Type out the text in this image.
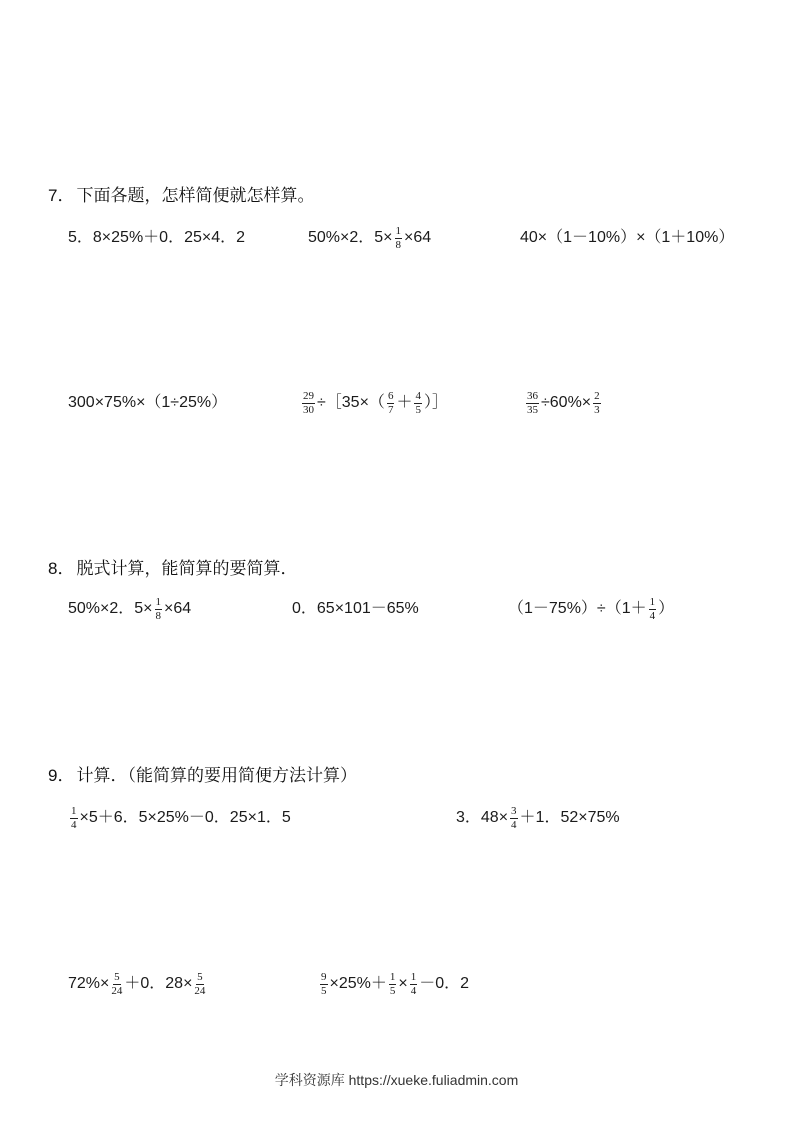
7． 下面各题，怎样简便就怎样算。
5．8×25%＋0．25×4．2	50%×2．$5\times \frac{1}{8} \times 64$	40×（1－10%）×（1＋10%）
300×75%×（1÷25%）	$\frac{29}{30}$ ÷［35×（ $\frac{6}{7} + \frac{4}{5}$ ）］	$\frac{36}{35} \div 60\%\times \frac{2}{3}$
8． 脱式计算，能简算的要简算．
50%×2．$5\times \frac{1}{8} \times 64$	0．65×101－65%	$(1-75\%)\div(1+ \frac{1}{4}$ ）
9． 计算．（能简算的要用简便方法计算）
$\frac{1}{4} \times 5+6$．5×25%－0．25×1．5	3．$48\times \frac{3}{4} +1$．52×75%
$72\%\times \frac{5}{24} +0$．$28\times \frac{5}{24}$	$\frac{9}{5} \times 25\%+ \frac{1}{5} \times \frac{1}{4} -0$．2
学科资源库 https://xueke.fuliadmin.com
